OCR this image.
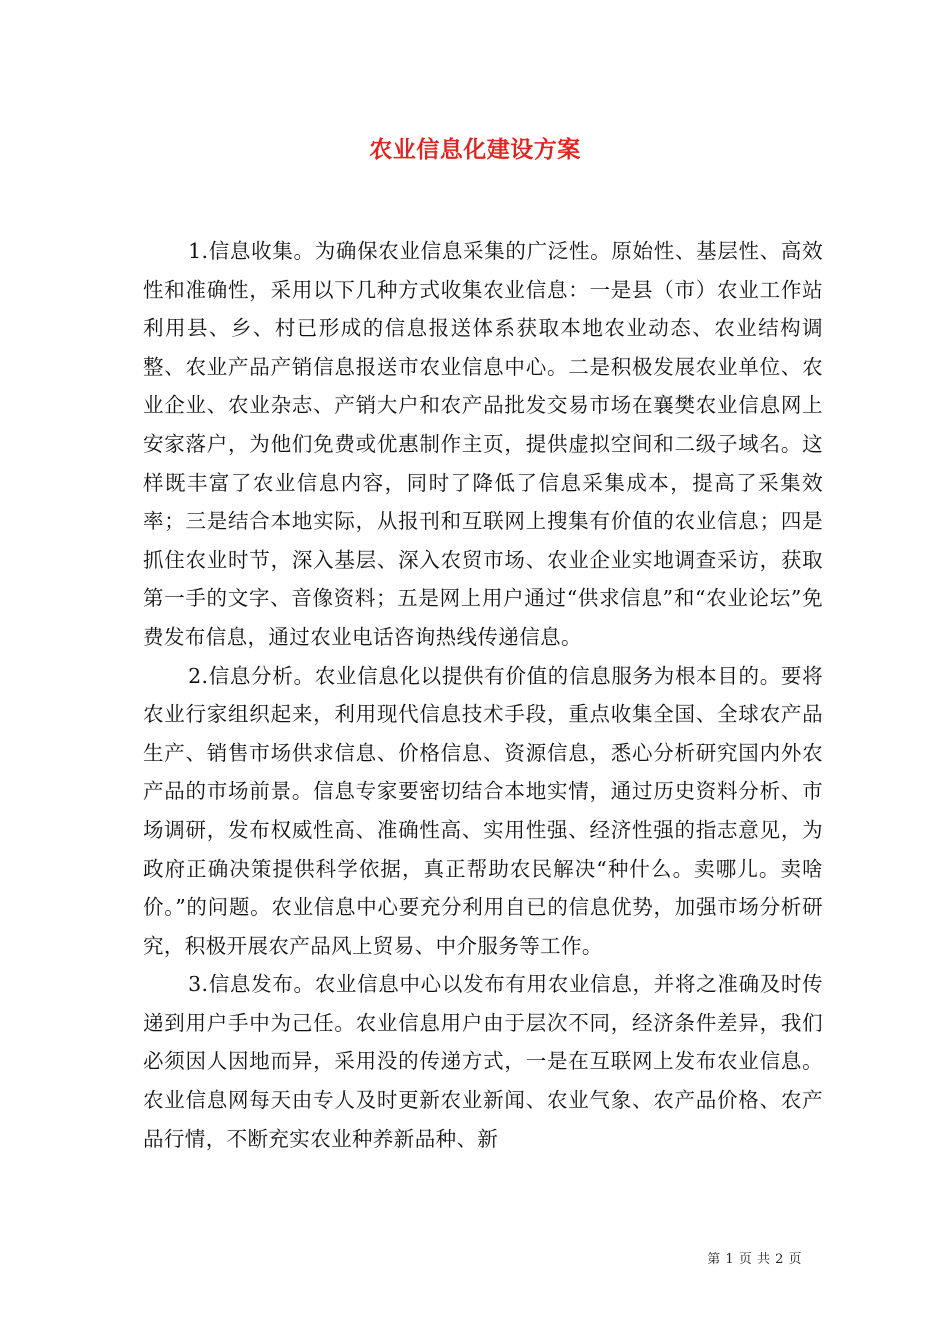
农业信息化建设方案

1.信息收集。为确保农业信息采集的广泛性。原始性、基层性、高效性和准确性，采用以下几种方式收集农业信息：一是县（市）农业工作站利用县、乡、村已形成的信息报送体系获取本地农业动态、农业结构调整、农业产品产销信息报送市农业信息中心。二是积极发展农业单位、农业企业、农业杂志、产销大户和农产品批发交易市场在襄樊农业信息网上安家落户，为他们免费或优惠制作主页，提供虚拟空间和二级子域名。这样既丰富了农业信息内容，同时了降低了信息采集成本，提高了采集效率；三是结合本地实际，从报刊和互联网上搜集有价值的农业信息；四是抓住农业时节，深入基层、深入农贸市场、农业企业实地调查采访，获取第一手的文字、音像资料；五是网上用户通过“供求信息”和“农业论坛”免费发布信息，通过农业电话咨询热线传递信息。

2.信息分析。农业信息化以提供有价值的信息服务为根本目的。要将农业行家组织起来，利用现代信息技术手段，重点收集全国、全球农产品生产、销售市场供求信息、价格信息、资源信息，悉心分析研究国内外农产品的市场前景。信息专家要密切结合本地实情，通过历史资料分析、市场调研，发布权威性高、准确性高、实用性强、经济性强的指志意见，为政府正确决策提供科学依据，真正帮助农民解决“种什么。卖哪儿。卖啥价。”的问题。农业信息中心要充分利用自已的信息优势，加强市场分析研究，积极开展农产品风上贸易、中介服务等工作。

3.信息发布。农业信息中心以发布有用农业信息，并将之准确及时传递到用户手中为己任。农业信息用户由于层次不同，经济条件差异，我们必须因人因地而异，采用没的传递方式，一是在互联网上发布农业信息。农业信息网每天由专人及时更新农业新闻、农业气象、农产品价格、农产品行情，不断充实农业种养新品种、新

第 1 页 共 2 页
